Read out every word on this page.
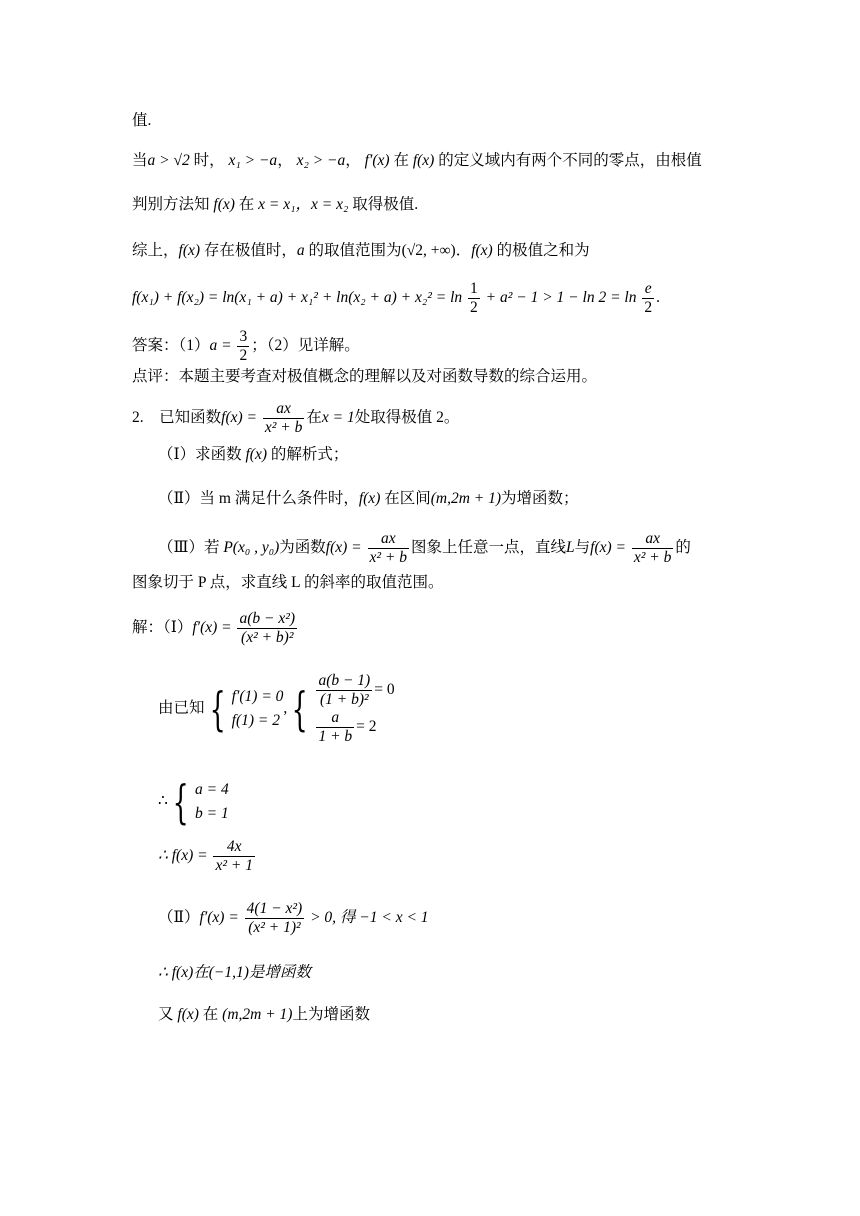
值.
当a > √2 时， x₁ > −a， x₂ > −a， f′(x) 在 f(x) 的定义域内有两个不同的零点，由根值
判别方法知 f(x) 在 x = x₁，x = x₂ 取得极值.
综上，f(x) 存在极值时，a 的取值范围为(√2, +∞)．f(x) 的极值之和为
$f(x_1) + f(x_2) = \ln(x_1 + a) + x_1^2 + \ln(x_2 + a) + x_2^2 = \ln \frac{1}{2} + a^2 - 1 > 1 - \ln 2 = \ln \frac{e}{2}$ .
答案：$(1)a = \frac{3}{2}$ ；（2）见详解。
点评：本题主要考查对极值概念的理解以及对函数导数的综合运用。
2.　已知函数$f(x) = \frac{ax}{\text{x² + b}}$ 在x = 1处取得极值 2。
（Ⅰ）求函数 f(x) 的解析式；
（Ⅱ）当 m 满足什么条件时，f(x) 在区间(m,2m + 1)为增函数；
（Ⅲ）若 P(x₀ , y₀)为函数$f(x) = \frac{ax}{\text{x² + b}}$ 图象上任意一点，直线L与$f(x) = \frac{ax}{\text{x² + b}}$ 的
图象切于 P 点，求直线 L 的斜率的取值范围。
解：（Ⅰ）f′(x) = $\frac{\text{a(b − x²)}}{\text{(x² + b)²}}$
由已知{ f′(1) = 0
f(1) = 2
,{ $\frac{a(b - 1)}{\text{(1 + b)²}} = 0$
$\frac{a}{1 + b} = 2$
∴{ a = 4
b = 1
∴ $f(x) = \frac{4x}{\text{x² + 1}}$
（Ⅱ）f′(x) = $\frac{\text{4(1 − x²)}}{\text{(x² + 1)²}} > 0$, 得 −1 < x < 1
∴ f(x)在(−1,1)是增函数
又 f(x) 在 (m,2m + 1)上为增函数
